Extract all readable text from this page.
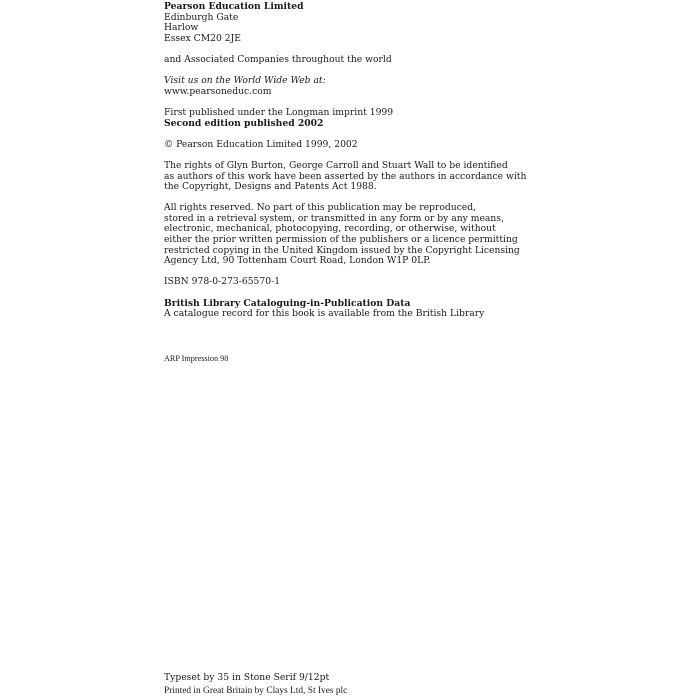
Pearson Education Limited

Edinburgh Gate

Harlow

Essex CM20 2JE

and Associated Companies throughout the world

Visit us on the World Wide Web at:

www.pearsoneduc.com

First published under the Longman imprint 1999

Second edition published 2002

© Pearson Education Limited 1999, 2002

The rights of Glyn Burton, George Carroll and Stuart Wall to be identified

as authors of this work have been asserted by the authors in accordance with

the Copyright, Designs and Patents Act 1988.

All rights reserved. No part of this publication may be reproduced,

stored in a retrieval system, or transmitted in any form or by any means,

electronic, mechanical, photocopying, recording, or otherwise, without

either the prior written permission of the publishers or a licence permitting

restricted copying in the United Kingdom issued by the Copyright Licensing

Agency Ltd, 90 Tottenham Court Road, London W1P 0LP.

ISBN 978-0-273-65570-1

British Library Cataloguing-in-Publication Data

A catalogue record for this book is available from the British Library

ARP Impression 98

Typeset by 35 in Stone Serif 9/12pt

Printed in Great Britain by Clays Ltd, St Ives plc
